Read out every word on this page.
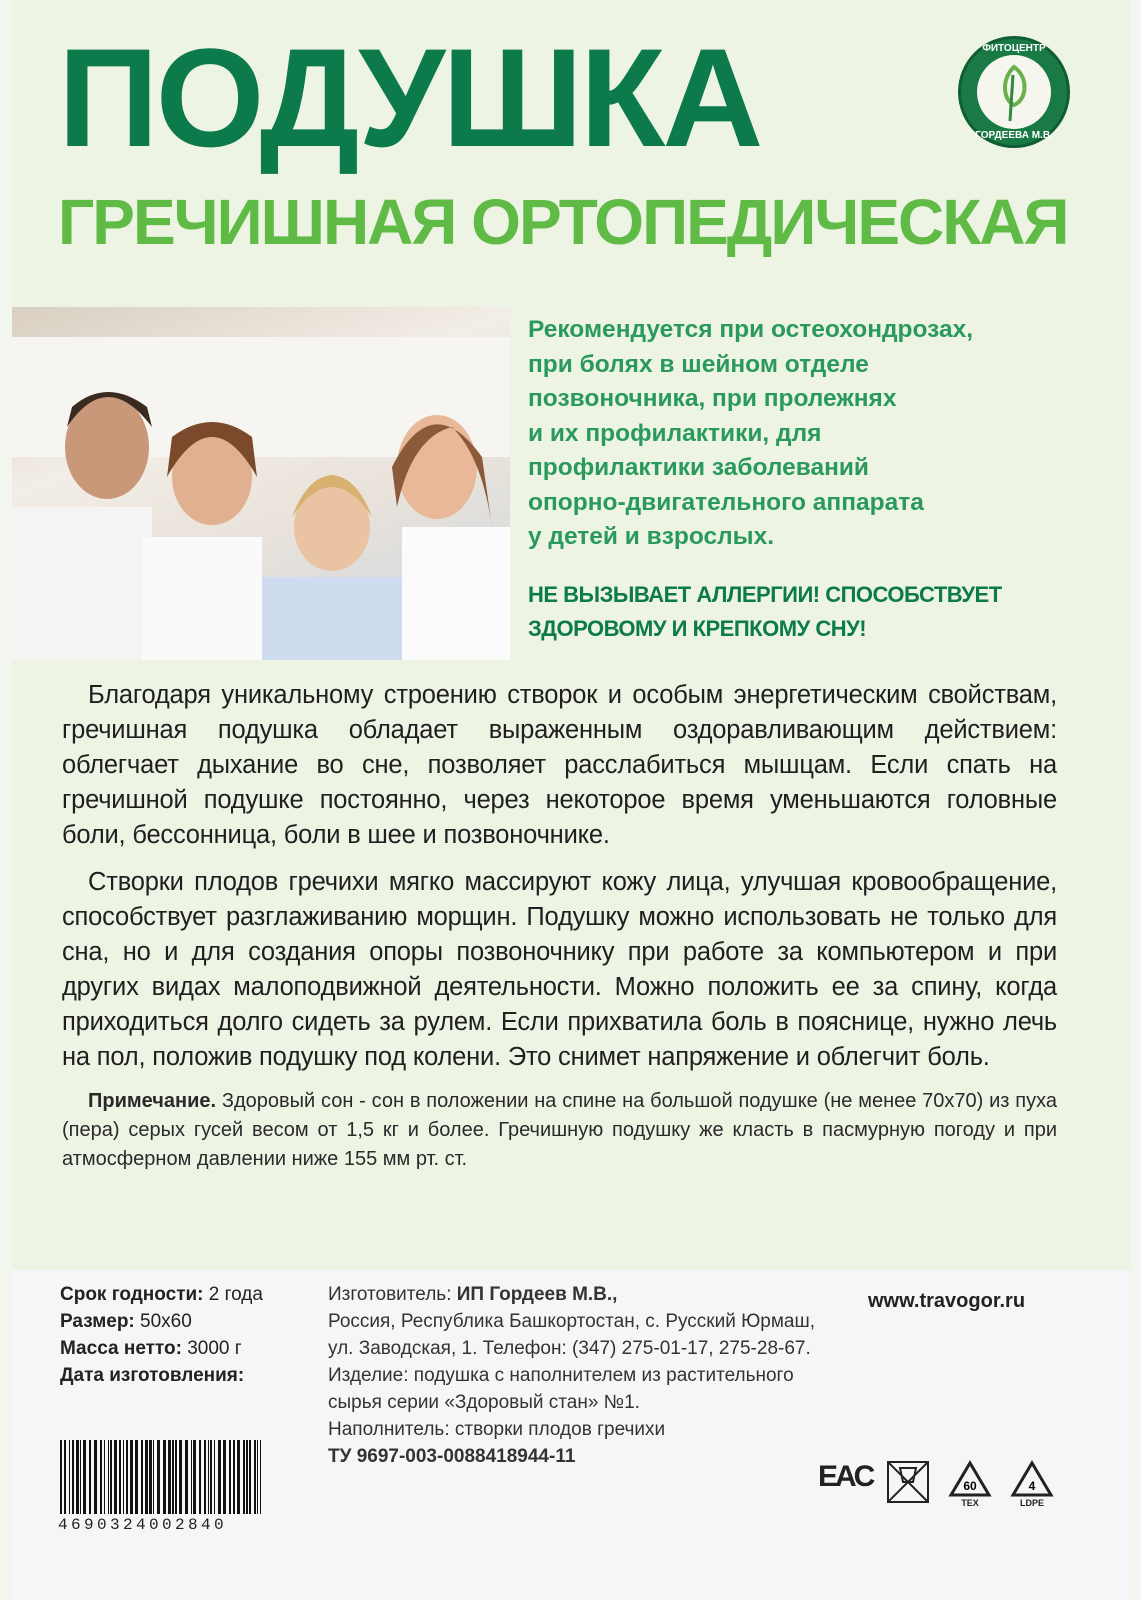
ПОДУШКА
ГРЕЧИШНАЯ ОРТОПЕДИЧЕСКАЯ
ФИТОЦЕНТР
ГОРДЕЕВА М.В.
Рекомендуется при остеохондрозах,
при болях в шейном отделе
позвоночника, при пролежнях
и их профилактики, для
профилактики заболеваний
опорно-двигательного аппарата
у детей и взрослых.
НЕ ВЫЗЫВАЕТ АЛЛЕРГИИ! СПОСОБСТВУЕТ
ЗДОРОВОМУ И КРЕПКОМУ СНУ!

Благодаря уникальному строению створок и особым энергетическим свойствам, гречишная подушка обладает выраженным оздоравливающим действием: облегчает дыхание во сне, позволяет расслабиться мышцам. Если спать на гречишной подушке постоянно, через некоторое время уменьшаются головные боли, бессонница, боли в шее и позвоночнике.

Створки плодов гречихи мягко массируют кожу лица, улучшая кровообращение, способствует разглаживанию морщин. Подушку можно использовать не только для сна, но и для создания опоры позвоночнику при работе за компьютером и при других видах малоподвижной деятельности. Можно положить ее за спину, когда приходиться долго сидеть за рулем. Если прихватила боль в пояснице, нужно лечь на пол, положив подушку под колени. Это снимет напряжение и облегчит боль.

Примечание. Здоровый сон - сон в положении на спине на большой подушке (не менее 70х70) из пуха (пера) серых гусей весом от 1,5 кг и более. Гречишную подушку же класть в пасмурную погоду и при атмосферном давлении ниже 155 мм рт. ст.
Срок годности: 2 года
Размер: 50х60
Масса нетто: 3000 г
Дата изготовления:
Изготовитель: ИП Гордеев М.В.,
Россия, Республика Башкортостан, с. Русский Юрмаш,
ул. Заводская, 1. Телефон: (347) 275-01-17, 275-28-67.
Изделие: подушка с наполнителем из растительного
сырья серии «Здоровый стан» №1.
Наполнитель: створки плодов гречихи
ТУ 9697-003-0088418944-11
www.travogor.ru
4690324002840
EAC	60
TEX
4
LDPE
